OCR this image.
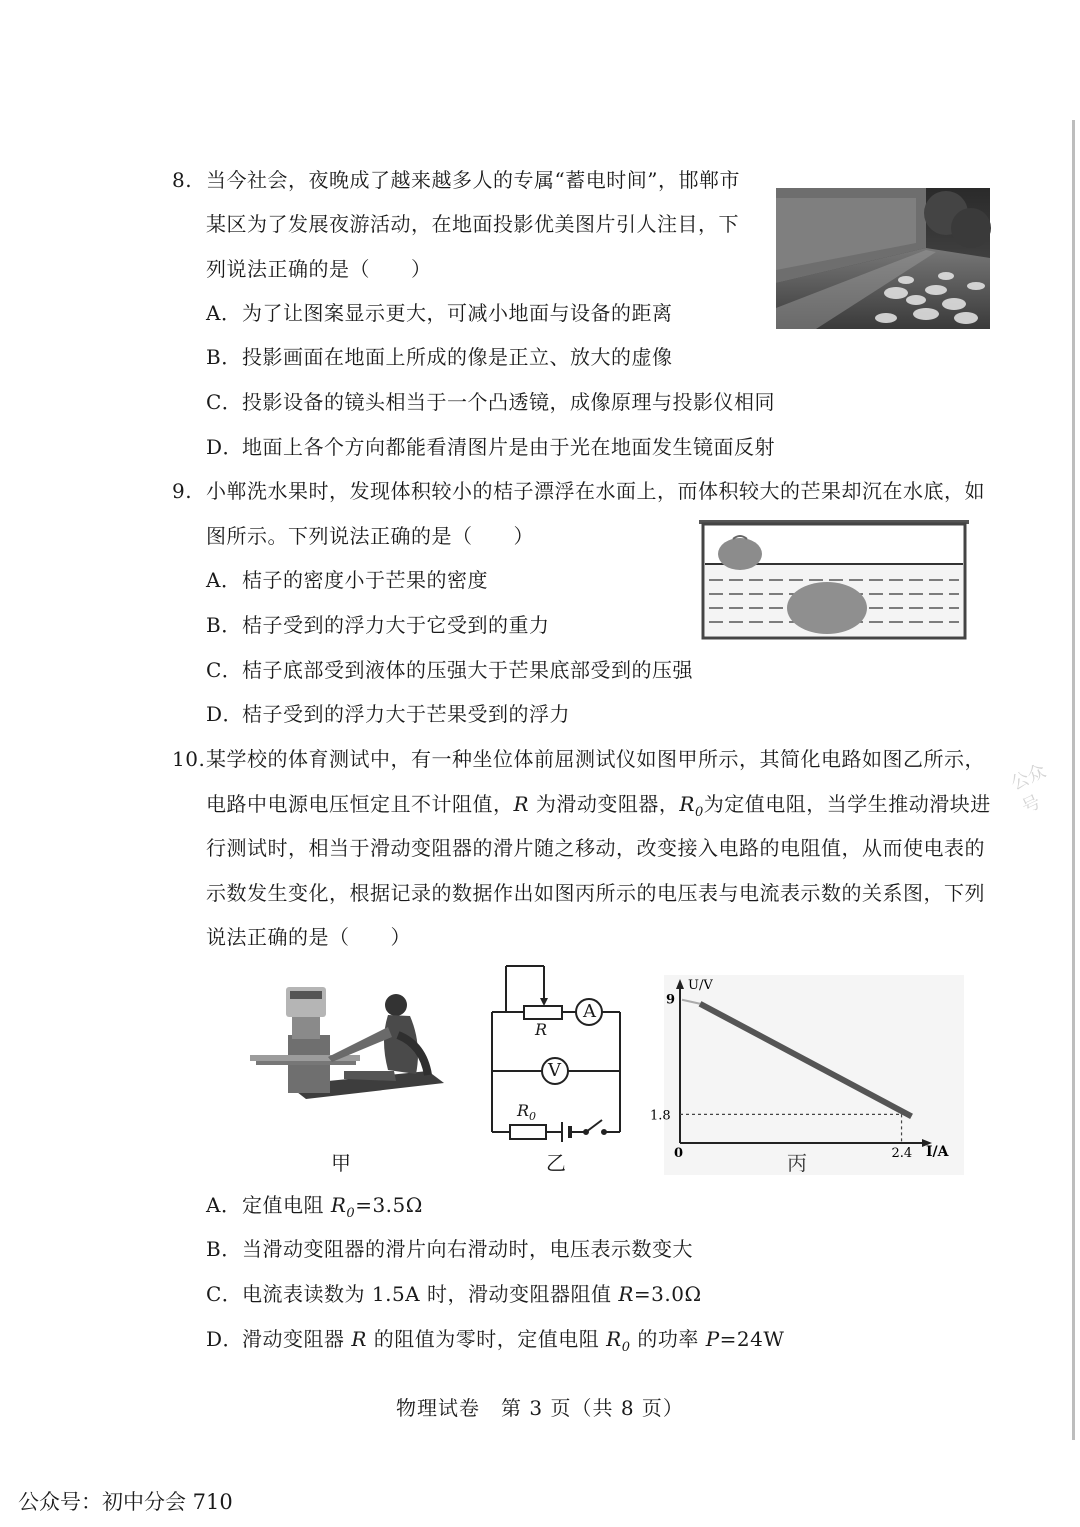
8. 当今社会，夜晚成了越来越多人的专属“蓄电时间”，邯郸市
某区为了发展夜游活动，在地面投影优美图片引人注目，下
列说法正确的是（　　）
A．为了让图案显示更大，可减小地面与设备的距离
B．投影画面在地面上所成的像是正立、放大的虚像
C．投影设备的镜头相当于一个凸透镜，成像原理与投影仪相同
D．地面上各个方向都能看清图片是由于光在地面发生镜面反射
9. 小郸洗水果时，发现体积较小的桔子漂浮在水面上，而体积较大的芒果却沉在水底，如
图所示。下列说法正确的是（　　）
A．桔子的密度小于芒果的密度
B．桔子受到的浮力大于它受到的重力
C．桔子底部受到液体的压强大于芒果底部受到的压强
D．桔子受到的浮力大于芒果受到的浮力
10.某学校的体育测试中，有一种坐位体前屈测试仪如图甲所示，其简化电路如图乙所示，
电路中电源电压恒定且不计阻值，R 为滑动变阻器，$R_0$为定值电阻，当学生推动滑块进
行测试时，相当于滑动变阻器的滑片随之移动，改变接入电路的电阻值，从而使电表的
示数发生变化，根据记录的数据作出如图丙所示的电压表与电流表示数的关系图，下列
说法正确的是（　　）
公众号
甲
A
V
R
$R_0$
乙
U/V
I/A
0
9
1.8
2.4
丙
A．定值电阻 $R_0=3.5\Omega$
B．当滑动变阻器的滑片向右滑动时，电压表示数变大
C．电流表读数为 1.5A 时，滑动变阻器阻值 R=3.0Ω
D．滑动变阻器 R 的阻值为零时，定值电阻 $R_0$ 的功率 P=24W
物理试卷　第 3 页（共 8 页）
公众号：初中分会 710
